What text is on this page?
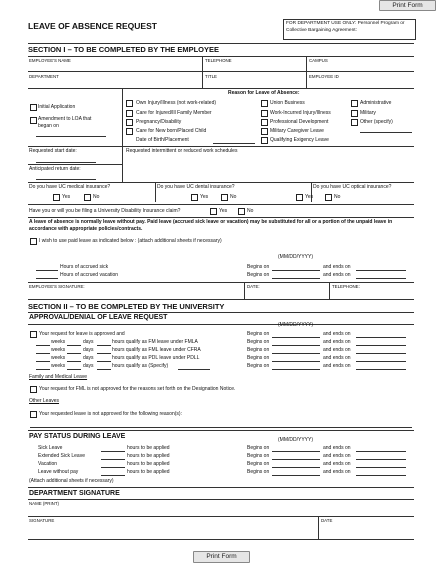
Print Form
LEAVE OF ABSENCE REQUEST	FOR DEPARTMENT USE ONLY: Personnel Program or Collective Bargaining Agreement:
SECTION I – TO BE COMPLETED BY THE EMPLOYEE
EMPLOYEE'S NAME	TELEPHONE	CAMPUS
DEPARTMENT	TITLE	EMPLOYEE ID
Reason for Leave of Absence:
Initial Application
Amendment to LOA that began on
Own Injury/Illness (not work-related)
Care for Injured/Ill Family Member
Pregnancy/Disability
Care for New born/Placed Child
Date of Birth/Placement
Union Business
Work-Incurred Injury/Illness
Professional Development
Military Caregiver Leave
Qualifying Exigency Leave
Administrative
Military
Other (specify)
Requested start date:	Requested intermittent or reduced work schedules
Anticipated return date:
Do you have UC medical insurance?
Yes	No
Do you have UC dental insurance?
Yes	No
Do you have UC optical insurance?
Yes	No
Have you or will you be filing a University Disability Insurance claim?	Yes	No
A leave of absence is normally leave without pay. Paid leave (accrued sick leave or vacation) may be substituted for all or a portion of the unpaid leave in accordance with appropriate policies/contracts.
I wish to use paid leave as indicated below : (attach additional sheets if necessary)
(MM/DD/YYYY)
Hours of accrued sick
Hours of accrued vacation
Begins on	and ends on
Begins on	and ends on
EMPLOYEE'S SIGNATURE:	DATE:	TELEPHONE:
SECTION II – TO BE COMPLETED BY THE UNIVERSITY
APPROVAL/DENIAL OF LEAVE REQUEST
(MM/DD/YYYY)
Your request for leave is approved and	Begins on	and ends on
weeks	days	hours qualify as FM leave under FMLA	Begins on	and ends on
weeks	days	hours qualify as FML leave under CFRA	Begins on	and ends on
weeks	days	hours qualify as PDL leave under PDLL	Begins on	and ends on
weeks	days	hours qualify as (Specify)	Begins on	and ends on
Family and Medical Leave
Your request for FML is not approved for the reasons set forth on the Designation Notice.
Other Leaves
Your requested leave is not approved for the following reason(s):
PAY STATUS DURING LEAVE	(MM/DD/YYYY)
Sick Leave	hours to be applied	Begins on	and ends on
Extended Sick Leave	hours to be applied	Begins on	and ends on
Vacation	hours to be applied	Begins on	and ends on
Leave without pay	hours to be applied	Begins on	and ends on
(Attach additional sheets if necessary)
DEPARTMENT SIGNATURE
NAME (PRINT)
SIGNATURE	DATE
Print Form
